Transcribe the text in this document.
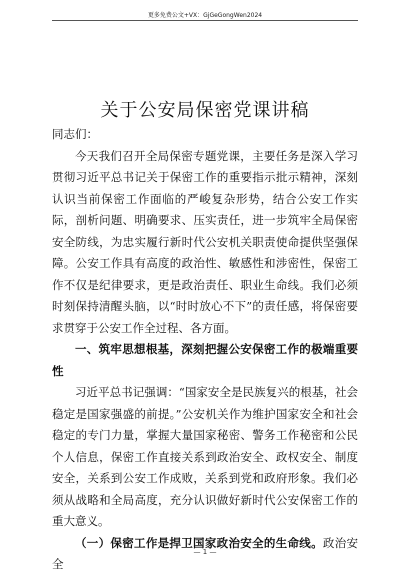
更多免费公文+VX：GjGeGongWen2024
关于公安局保密党课讲稿
同志们：

今天我们召开全局保密专题党课，主要任务是深入学习贯彻习近平总书记关于保密工作的重要指示批示精神，深刻认识当前保密工作面临的严峻复杂形势，结合公安工作实际，剖析问题、明确要求、压实责任，进一步筑牢全局保密安全防线，为忠实履行新时代公安机关职责使命提供坚强保障。公安工作具有高度的政治性、敏感性和涉密性，保密工作不仅是纪律要求，更是政治责任、职业生命线。我们必须时刻保持清醒头脑，以“时时放心不下”的责任感，将保密要求贯穿于公安工作全过程、各方面。

一、筑牢思想根基，深刻把握公安保密工作的极端重要性

习近平总书记强调：“国家安全是民族复兴的根基，社会稳定是国家强盛的前提。”公安机关作为维护国家安全和社会稳定的专门力量，掌握大量国家秘密、警务工作秘密和公民个人信息，保密工作直接关系到政治安全、政权安全、制度安全，关系到公安工作成败，关系到党和政府形象。我们必须从战略和全局高度，充分认识做好新时代公安保密工作的重大意义。

（一）保密工作是捍卫国家政治安全的生命线。政治安全

— 1 —
